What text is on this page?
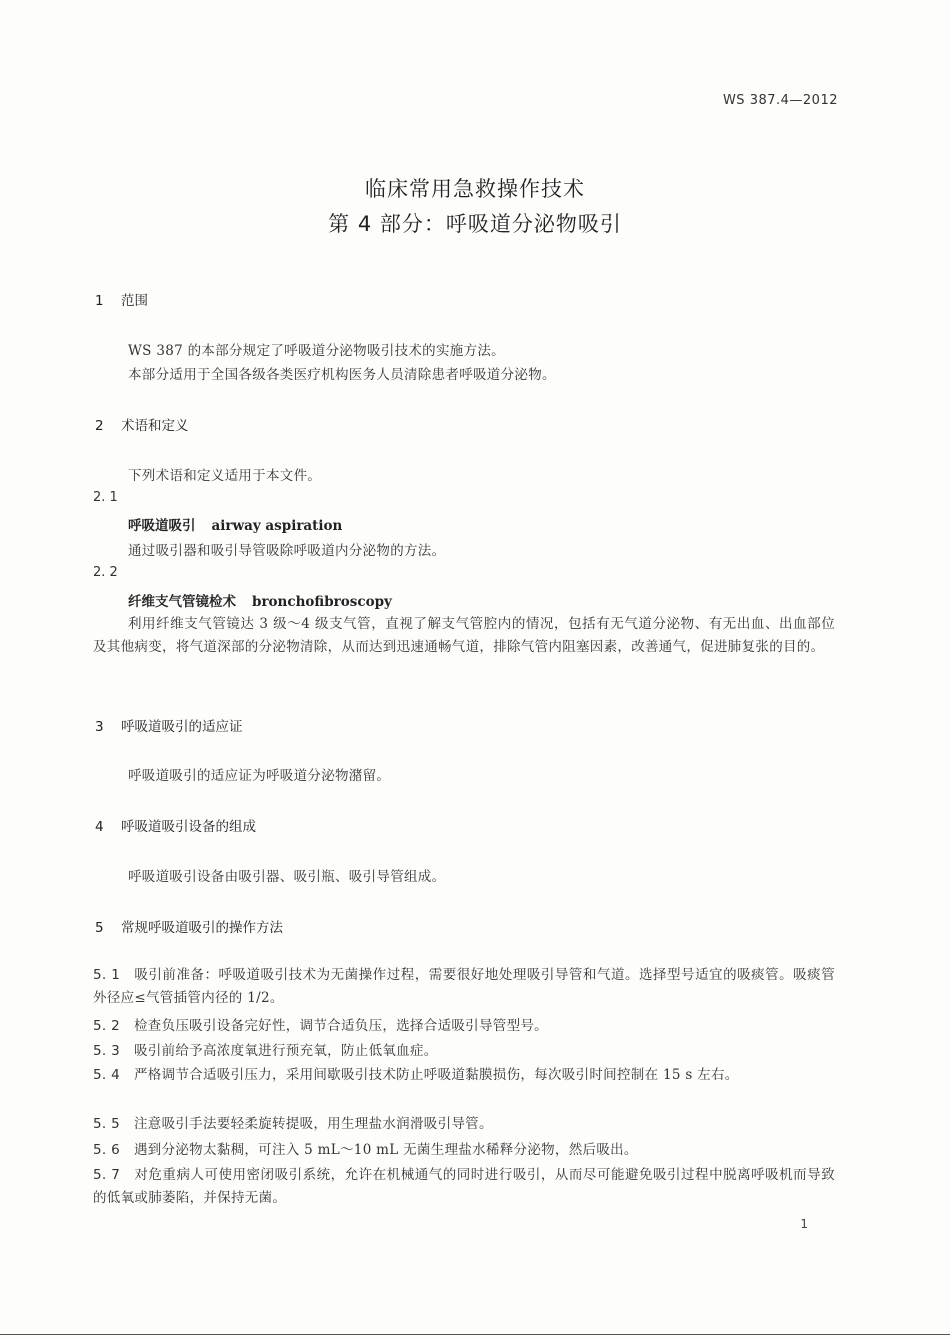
WS 387.4—2012
临床常用急救操作技术
第 4 部分：呼吸道分泌物吸引
1 范围
WS 387 的本部分规定了呼吸道分泌物吸引技术的实施方法。
本部分适用于全国各级各类医疗机构医务人员清除患者呼吸道分泌物。
2 术语和定义
下列术语和定义适用于本文件。
2. 1
呼吸道吸引 airway aspiration
通过吸引器和吸引导管吸除呼吸道内分泌物的方法。
2. 2
纤维支气管镜检术 bronchofibroscopy
利用纤维支气管镜达 3 级～4 级支气管，直视了解支气管腔内的情况，包括有无气道分泌物、有无出血、出血部位及其他病变，将气道深部的分泌物清除，从而达到迅速通畅气道，排除气管内阻塞因素，改善通气，促进肺复张的目的。
3 呼吸道吸引的适应证
呼吸道吸引的适应证为呼吸道分泌物潴留。
4 呼吸道吸引设备的组成
呼吸道吸引设备由吸引器、吸引瓶、吸引导管组成。
5 常规呼吸道吸引的操作方法
5. 1 吸引前准备：呼吸道吸引技术为无菌操作过程，需要很好地处理吸引导管和气道。选择型号适宜的吸痰管。吸痰管外径应≤气管插管内径的 1/2。
5. 2 检查负压吸引设备完好性，调节合适负压，选择合适吸引导管型号。
5. 3 吸引前给予高浓度氧进行预充氧，防止低氧血症。
5. 4 严格调节合适吸引压力，采用间歇吸引技术防止呼吸道黏膜损伤，每次吸引时间控制在 15 s 左右。
5. 5 注意吸引手法要轻柔旋转提吸，用生理盐水润滑吸引导管。
5. 6 遇到分泌物太黏稠，可注入 5 mL～10 mL 无菌生理盐水稀释分泌物，然后吸出。
5. 7 对危重病人可使用密闭吸引系统，允许在机械通气的同时进行吸引，从而尽可能避免吸引过程中脱离呼吸机而导致的低氧或肺萎陷，并保持无菌。
1
